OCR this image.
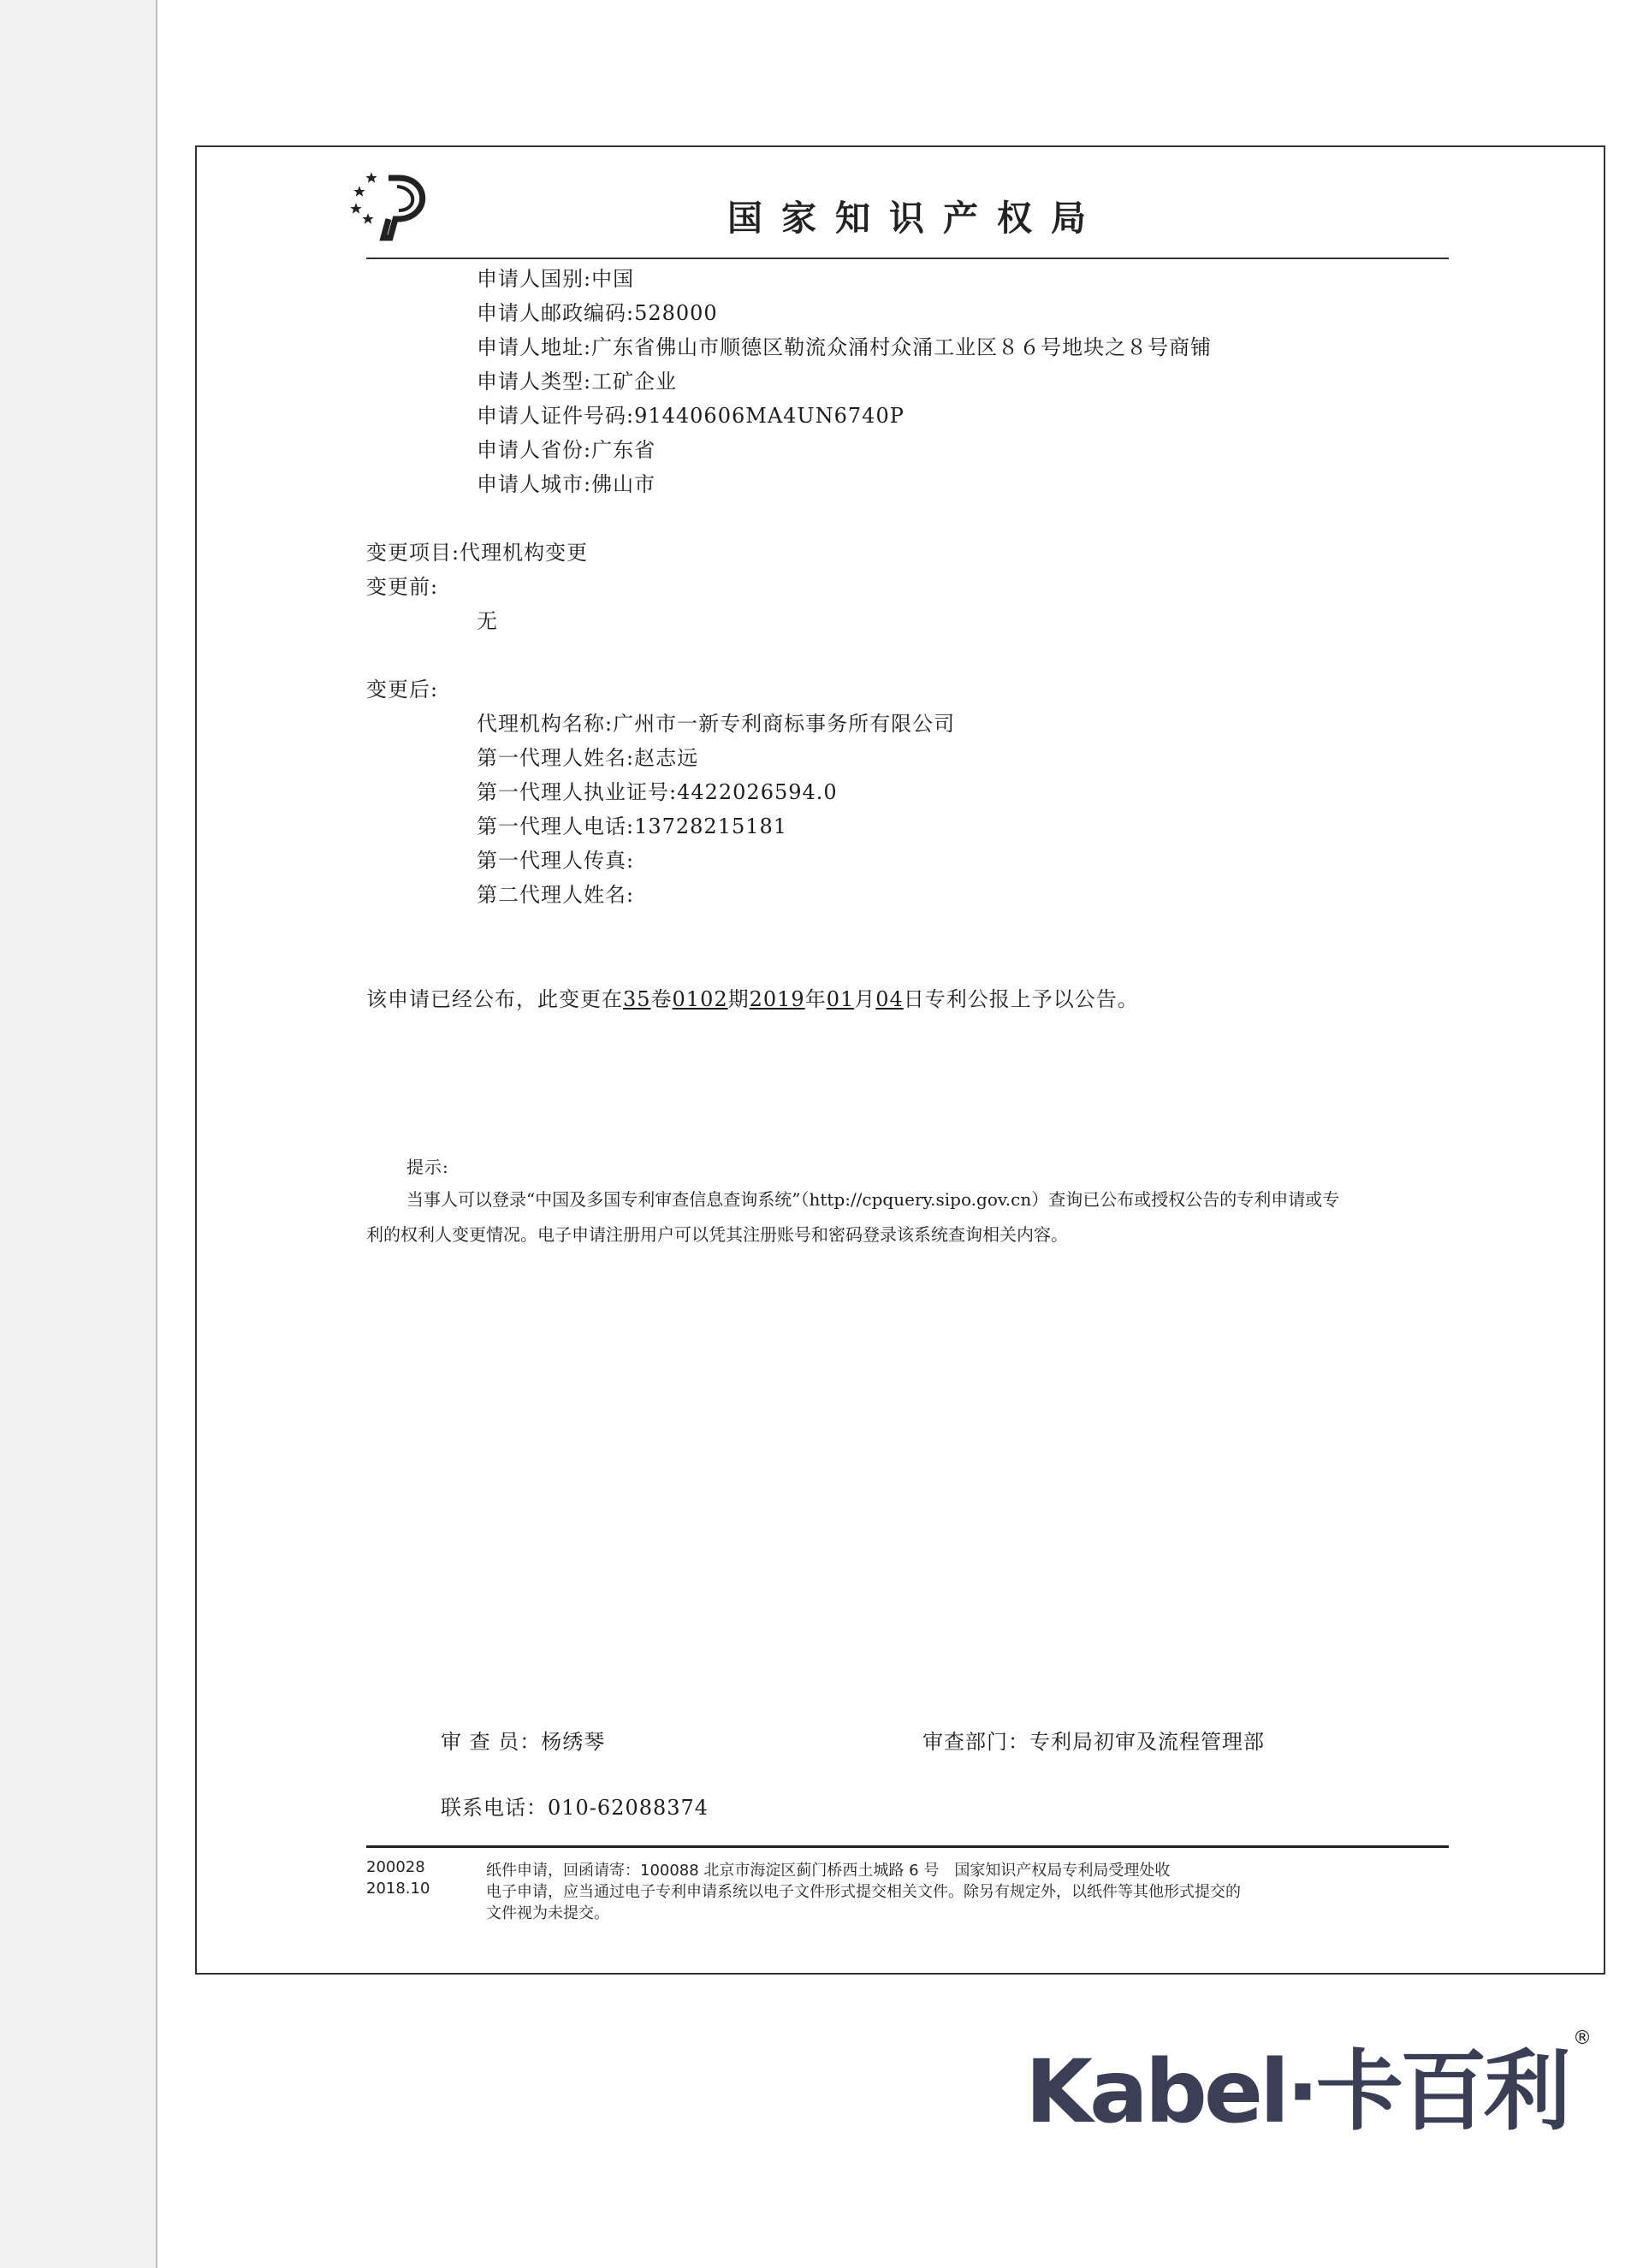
国家知识产权局
申请人国别:中国
申请人邮政编码:528000
申请人地址:广东省佛山市顺德区勒流众涌村众涌工业区８６号地块之８号商铺
申请人类型:工矿企业
申请人证件号码:91440606MA4UN6740P
申请人省份:广东省
申请人城市:佛山市
变更项目:代理机构变更
变更前:
无
变更后:
代理机构名称:广州市一新专利商标事务所有限公司
第一代理人姓名:赵志远
第一代理人执业证号:4422026594.0
第一代理人电话:13728215181
第一代理人传真:
第二代理人姓名:
该申请已经公布，此变更在35卷0102期2019年01月04日专利公报上予以公告。
提示:
当事人可以登录“中国及多国专利审查信息查询系统”（http://cpquery.sipo.gov.cn）查询已公布或授权公告的专利申请或专
利的权利人变更情况。电子申请注册用户可以凭其注册账号和密码登录该系统查询相关内容。
审 查 员：杨绣琴	审查部门：专利局初审及流程管理部
联系电话：010-62088374
200028
2018.10
纸件申请，回函请寄：100088 北京市海淀区蓟门桥西土城路 6 号　国家知识产权局专利局受理处收
电子申请，应当通过电子专利申请系统以电子文件形式提交相关文件。除另有规定外，以纸件等其他形式提交的
文件视为未提交。
Kabel·卡百利
®
